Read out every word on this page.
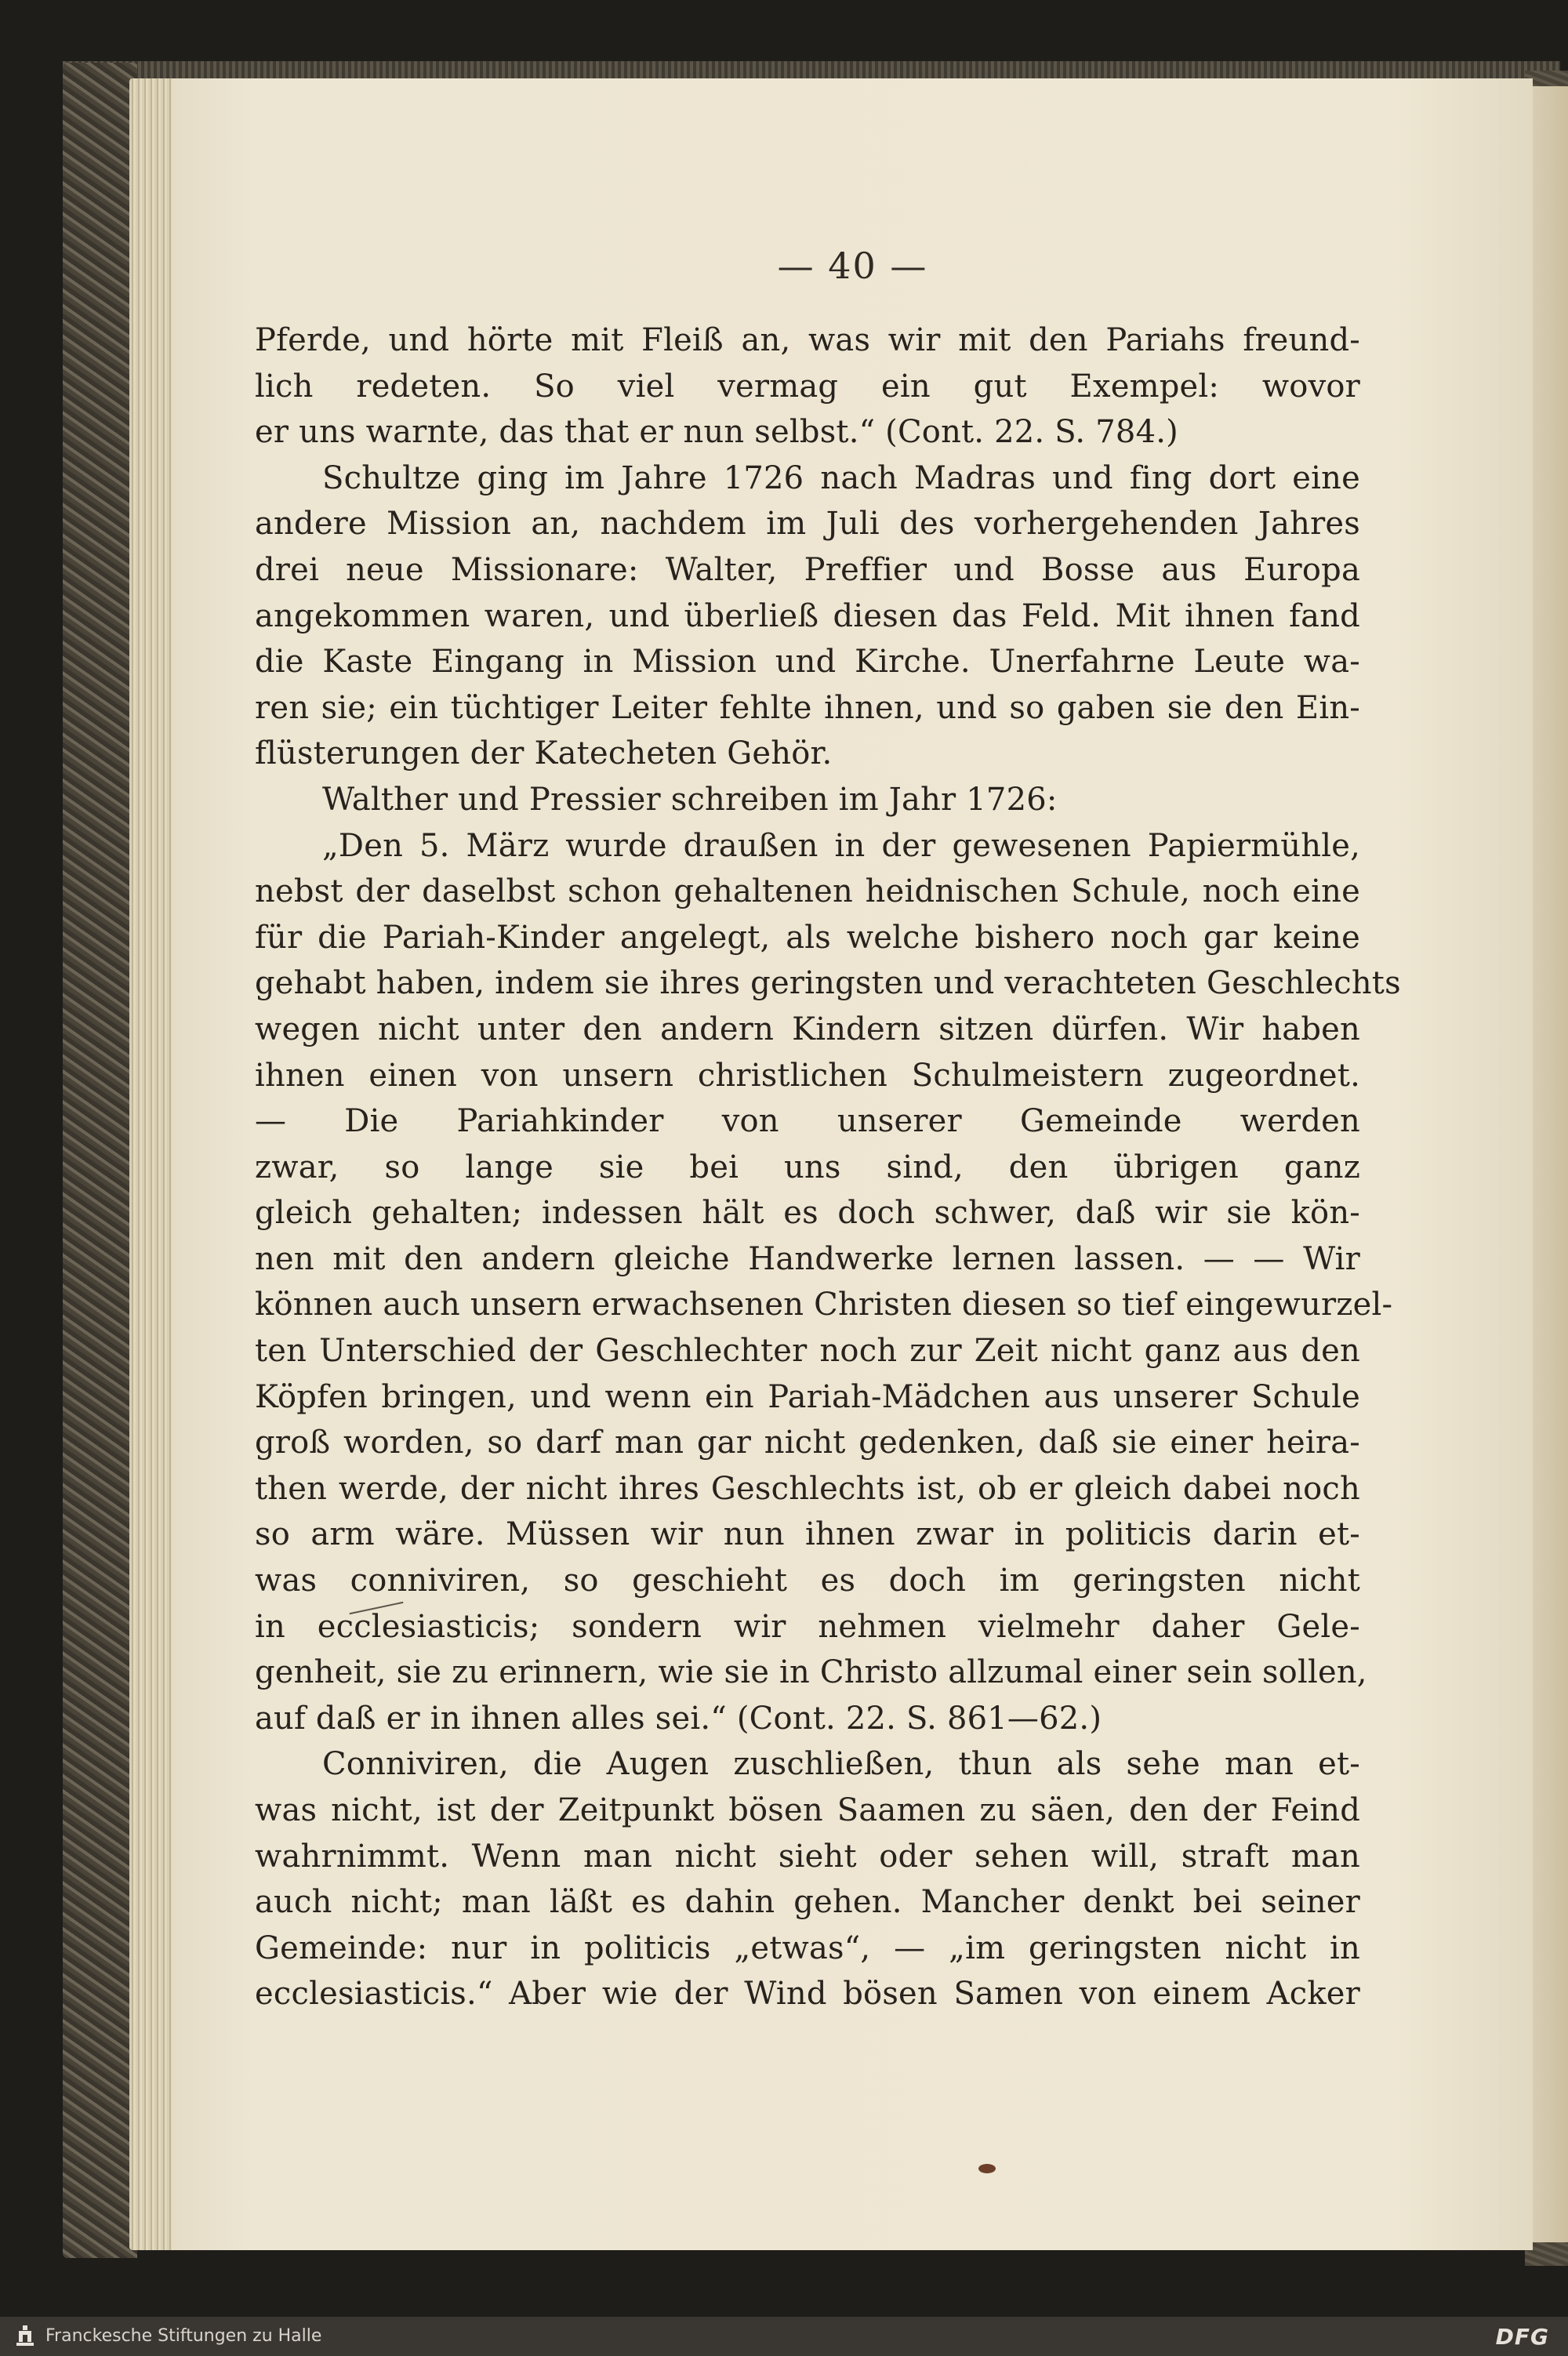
— 40 —
Pferde, und hörte mit Fleiß an, was wir mit den Pariahs freund-
lich redeten. So viel vermag ein gut Exempel: wovor
er uns warnte, das that er nun selbst.“ (Cont. 22. S. 784.)
Schultze ging im Jahre 1726 nach Madras und fing dort eine
andere Mission an, nachdem im Juli des vorhergehenden Jahres
drei neue Missionare: Walter, Preffier und Bosse aus Europa
angekommen waren, und überließ diesen das Feld. Mit ihnen fand
die Kaste Eingang in Mission und Kirche. Unerfahrne Leute wa-
ren sie; ein tüchtiger Leiter fehlte ihnen, und so gaben sie den Ein-
flüsterungen der Katecheten Gehör.
Walther und Pressier schreiben im Jahr 1726:
„Den 5. März wurde draußen in der gewesenen Papiermühle,
nebst der daselbst schon gehaltenen heidnischen Schule, noch eine
für die Pariah-Kinder angelegt, als welche bishero noch gar keine
gehabt haben, indem sie ihres geringsten und verachteten Geschlechts
wegen nicht unter den andern Kindern sitzen dürfen. Wir haben
ihnen einen von unsern christlichen Schulmeistern zugeordnet.
— Die Pariahkinder von unserer Gemeinde werden
zwar, so lange sie bei uns sind, den übrigen ganz
gleich gehalten; indessen hält es doch schwer, daß wir sie kön-
nen mit den andern gleiche Handwerke lernen lassen. — — Wir
können auch unsern erwachsenen Christen diesen so tief eingewurzel-
ten Unterschied der Geschlechter noch zur Zeit nicht ganz aus den
Köpfen bringen, und wenn ein Pariah-Mädchen aus unserer Schule
groß worden, so darf man gar nicht gedenken, daß sie einer heira-
then werde, der nicht ihres Geschlechts ist, ob er gleich dabei noch
so arm wäre. Müssen wir nun ihnen zwar in politicis darin et-
was conniviren, so geschieht es doch im geringsten nicht
in ecclesiasticis; sondern wir nehmen vielmehr daher Gele-
genheit, sie zu erinnern, wie sie in Christo allzumal einer sein sollen,
auf daß er in ihnen alles sei.“ (Cont. 22. S. 861—62.)
Conniviren, die Augen zuschließen, thun als sehe man et-
was nicht, ist der Zeitpunkt bösen Saamen zu säen, den der Feind
wahrnimmt. Wenn man nicht sieht oder sehen will, straft man
auch nicht; man läßt es dahin gehen. Mancher denkt bei seiner
Gemeinde: nur in politicis „etwas“, — „im geringsten nicht in
ecclesiasticis.“ Aber wie der Wind bösen Samen von einem Acker
Franckesche Stiftungen zu Halle	DFG
